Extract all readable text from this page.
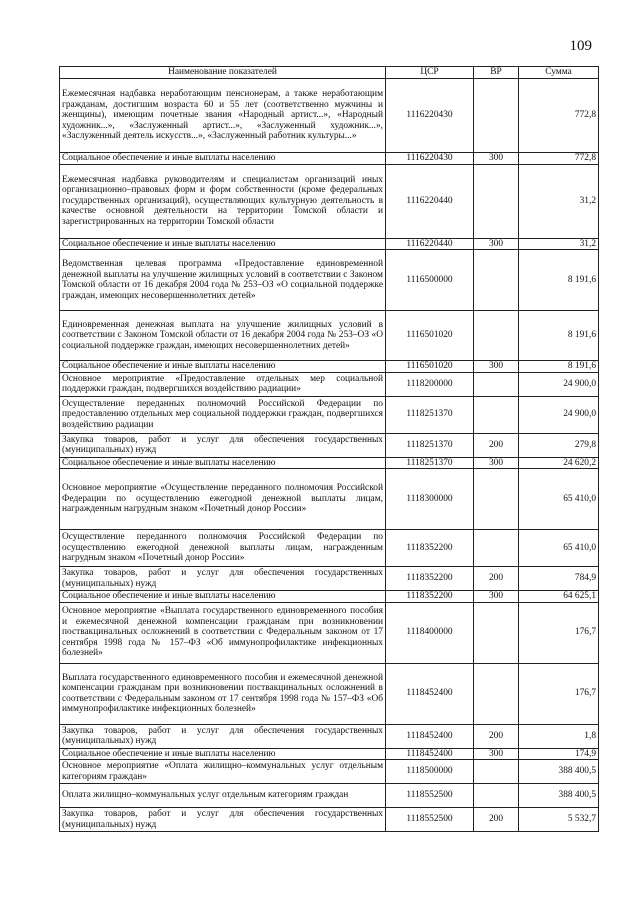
109
Наименование показателей	ЦСР	ВР	Сумма
Ежемесячная надбавка неработающим пенсионерам, а также неработающим гражданам, достигшим возраста 60 и 55 лет (соответственно мужчины и женщины), имеющим почетные звания «Народный артист...», «Народный художник...», «Заслуженный артист...», «Заслуженный художник...», «Заслуженный деятель искусств...», «Заслуженный работник культуры...»	1116220430		772,8
Социальное обеспечение и иные выплаты населению	1116220430	300	772,8
Ежемесячная надбавка руководителям и специалистам организаций иных организационно–правовых форм и форм собственности (кроме федеральных государственных организаций), осуществляющих культурную деятельность в качестве основной деятельности на территории Томской области и зарегистрированных на территории Томской области	1116220440		31,2
Социальное обеспечение и иные выплаты населению	1116220440	300	31,2
Ведомственная целевая программа «Предоставление единовременной денежной выплаты на улучшение жилищных условий в соответствии с Законом Томской области от 16 декабря 2004 года № 253–ОЗ «О социальной поддержке граждан, имеющих несовершеннолетних детей»	1116500000		8 191,6
Единовременная денежная выплата на улучшение жилищных условий в соответствии с Законом Томской области от 16 декабря 2004 года № 253–ОЗ «О социальной поддержке граждан, имеющих несовершеннолетних детей»	1116501020		8 191,6
Социальное обеспечение и иные выплаты населению	1116501020	300	8 191,6
Основное мероприятие «Предоставление отдельных мер социальной поддержки граждан, подвергшихся воздействию радиации»	1118200000		24 900,0
Осуществление переданных полномочий Российской Федерации по предоставлению отдельных мер социальной поддержки граждан, подвергшихся воздействию радиации	1118251370		24 900,0
Закупка товаров, работ и услуг для обеспечения государственных (муниципальных) нужд	1118251370	200	279,8
Социальное обеспечение и иные выплаты населению	1118251370	300	24 620,2
Основное мероприятие «Осуществление переданного полномочия Российской Федерации по осуществлению ежегодной денежной выплаты лицам, награжденным нагрудным знаком «Почетный донор России»	1118300000		65 410,0
Осуществление переданного полномочия Российской Федерации по осуществлению ежегодной денежной выплаты лицам, награжденным нагрудным знаком «Почетный донор России»	1118352200		65 410,0
Закупка товаров, работ и услуг для обеспечения государственных (муниципальных) нужд	1118352200	200	784,9
Социальное обеспечение и иные выплаты населению	1118352200	300	64 625,1
Основное мероприятие «Выплата государственного единовременного пособия и ежемесячной денежной компенсации гражданам при возникновении поствакцинальных осложнений в соответствии с Федеральным законом от 17 сентября 1998 года № 157–ФЗ «Об иммунопрофилактике инфекционных болезней»	1118400000		176,7
Выплата государственного единовременного пособия и ежемесячной денежной компенсации гражданам при возникновении поствакцинальных осложнений в соответствии с Федеральным законом от 17 сентября 1998 года № 157–ФЗ «Об иммунопрофилактике инфекционных болезней»	1118452400		176,7
Закупка товаров, работ и услуг для обеспечения государственных (муниципальных) нужд	1118452400	200	1,8
Социальное обеспечение и иные выплаты населению	1118452400	300	174,9
Основное мероприятие «Оплата жилищно–коммунальных услуг отдельным категориям граждан»	1118500000		388 400,5
Оплата жилищно–коммунальных услуг отдельным категориям граждан	1118552500		388 400,5
Закупка товаров, работ и услуг для обеспечения государственных (муниципальных) нужд	1118552500	200	5 532,7
